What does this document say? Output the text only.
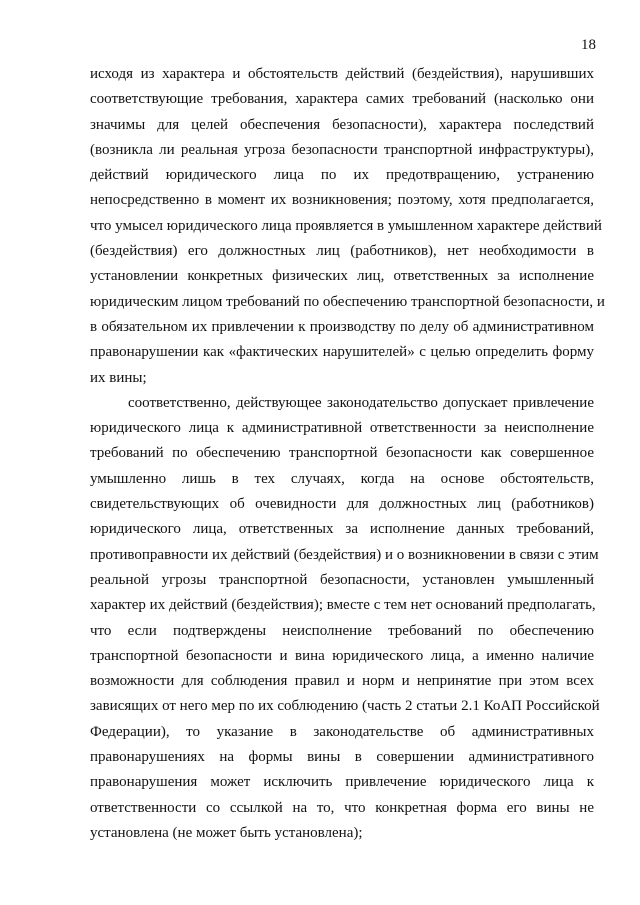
18

исходя из характера и обстоятельств действий (бездействия), нарушивших
соответствующие требования, характера самих требований (насколько они
значимы для целей обеспечения безопасности), характера последствий
(возникла ли реальная угроза безопасности транспортной инфраструктуры),
действий юридического лица по их предотвращению, устранению
непосредственно в момент их возникновения; поэтому, хотя предполагается,
что умысел юридического лица проявляется в умышленном характере действий
(бездействия) его должностных лиц (работников), нет необходимости в
установлении конкретных физических лиц, ответственных за исполнение
юридическим лицом требований по обеспечению транспортной безопасности, и
в обязательном их привлечении к производству по делу об административном
правонарушении как «фактических нарушителей» с целью определить форму
их вины;

соответственно, действующее законодательство допускает привлечение
юридического лица к административной ответственности за неисполнение
требований по обеспечению транспортной безопасности как совершенное
умышленно лишь в тех случаях, когда на основе обстоятельств,
свидетельствующих об очевидности для должностных лиц (работников)
юридического лица, ответственных за исполнение данных требований,
противоправности их действий (бездействия) и о возникновении в связи с этим
реальной угрозы транспортной безопасности, установлен умышленный
характер их действий (бездействия); вместе с тем нет оснований предполагать,
что если подтверждены неисполнение требований по обеспечению
транспортной безопасности и вина юридического лица, а именно наличие
возможности для соблюдения правил и норм и непринятие при этом всех
зависящих от него мер по их соблюдению (часть 2 статьи 2.1 КоАП Российской
Федерации), то указание в законодательстве об административных
правонарушениях на формы вины в совершении административного
правонарушения может исключить привлечение юридического лица к
ответственности со ссылкой на то, что конкретная форма его вины не
установлена (не может быть установлена);
